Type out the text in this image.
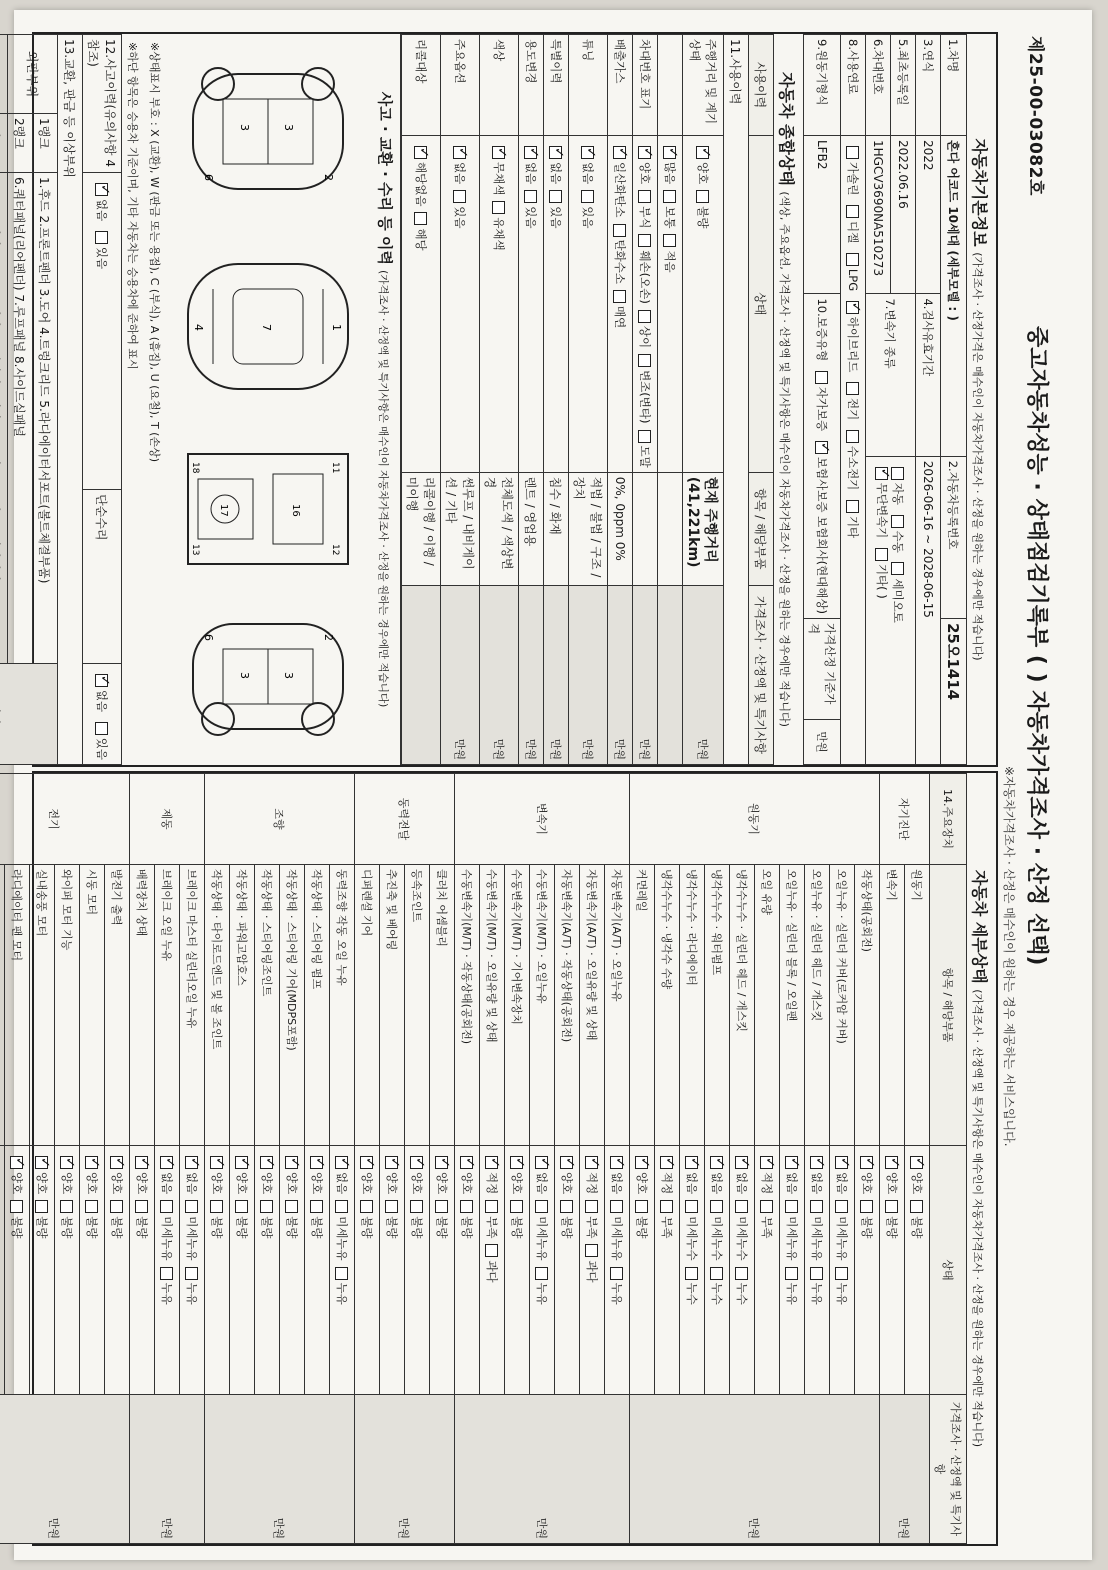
제25-00-03082호
중고자동차성능 · 상태점검기록부 ( ) 자동차가격조사 · 산정 선택)
※자동차가격조사 · 산정은 매수인이 원하는 경우 제공하는 서비스입니다.
자동차기본정보 (가격조사 · 산정가격은 매수인이 자동차가격조사 · 산정을 원하는 경우에만 적습니다)
1.차명	혼다 어코드 10세대 (세부모델 : )		2.자동차등록번호	25오1414	
3.연식	2022	4.검사유효기간	2026-06-16 ~ 2028-06-15		
5.최초등록일	2022.06.16	7.변속기 종류	자동 수동 세미오토
✓무단변속기 기타( )
6.차대번호	1HGCV3690NA510273				
8.사용연료	가솔린 디젤 LPG ✓하이브리드 전기 수소전기 기타
9.원동기형식	LFB2	10.보증유형 자가보증 ✓보험사보증 보험회사(현대해상)		가격산정 기준가격	만원
자동차 종합상태 (색상, 주요옵션, 가격조사 · 산정액 및 특기사항은 매수인이 자동차가격조사 · 산정을 원하는 경우에만 적습니다)
사용이력	상태	항목 / 해당부품	가격조사 · 산정액 및 특기사항
11.사용이력			
주행거리 및 계기상태	✓양호불량	현재 주행거리 (41,221km)	만원
	✓많음보통적음		
차대번호 표기	✓양호부식훼손(오손)상이변조(변타)도말		만원
배출가스	✓일산화탄소탄화수소매연	0%, 0ppm 0%	만원
튜닝	✓없음있음	적법 / 불법 / 구조 / 장치	만원
특별이력	✓없음있음	침수 / 화재	만원
용도변경	✓없음있음	렌트 / 영업용	만원
색상	✓무채색유채색	전체도색 / 색상변경	만원
주요옵션	✓없음있음	썬루프 / 내비게이션 / 기타	만원
리콜대상	✓해당없음해당	리콜이행 / 이행 / 미이행	
사고 · 교환 · 수리 등 이력 (가격조사 · 산정액 및 특기사항은 매수인이 자동차가격조사 · 산정을 원하는 경우에만 적습니다)
3
3
2
6
1
7
4
16
17
11
12
18
13
3
3
2
6
※상태표시 부호 : X (교환), W (판금 또는 용접), C (부식), A (흠집), U (요철), T (손상)
※하단 항목은 승용차 기준이며, 기타 자동차는 승용차에 준하여 표시
12.사고이력(유의사항 4 참조)	✓없음 있음	단순수리	✓없음 있음
13.교환, 판금 등 이상부위				
외판부위	1랭크	1.후드 2.프론트펜더 3.도어 4.트렁크리드 5.라디에이터서포트(볼트체결부품)	
	2랭크	6.쿼터패널(리어펜더) 7.루프패널 8.사이드실패널		

자동차 세부상태 (가격조사 · 산정액 및 특기사항은 매수인이 자동차가격조사 · 산정을 원하는 경우에만 적습니다)
14.주요장치	항목 / 해당부품	상태	가격조사 · 산정액 및 특기사항
자기진단	원동기	✓양호불량	만원
	변속기	✓양호불량
원동기	작동상태(공회전)	✓양호불량	만원
	오일누유 · 실린더 커버(로커암 커버)	✓없음미세누유누유
	오일누유 · 실린더 헤드 / 개스킷	✓없음미세누유누유
	오일누유 · 실린더 블록 / 오일팬	✓없음미세누유누유
	오일 유량	✓적정부족
	냉각수누수 · 실린더 헤드 / 개스킷	✓없음미세누수누수
	냉각수누수 · 워터펌프	✓없음미세누수누수
	냉각수누수 · 라디에이터	✓없음미세누수누수
	냉각수누수 · 냉각수 수량	✓적정부족
	커먼레일	✓양호불량
변속기	자동변속기(A/T) · 오일누유	✓없음미세누유누유	만원
	자동변속기(A/T) · 오일유량 및 상태	✓적정부족과다
	자동변속기(A/T) · 작동상태(공회전)	✓양호불량
	수동변속기(M/T) · 오일누유	✓없음미세누유누유
	수동변속기(M/T) · 기어변속장치	✓양호불량
	수동변속기(M/T) · 오일유량 및 상태	✓적정부족과다
	수동변속기(M/T) · 작동상태(공회전)	✓양호불량
동력전달	클러치 어셈블리	✓양호불량	만원
	등속조인트	✓양호불량
	추진축 및 베어링	✓양호불량
	디퍼렌셜 기어	✓양호불량
조향	동력조향 작동 오일 누유	✓없음미세누유누유	만원
	작동상태 · 스티어링 펌프	✓양호불량
	작동상태 · 스티어링 기어(MDPS포함)	✓양호불량
	작동상태 · 스티어링조인트	✓양호불량
	작동상태 · 파워고압호스	✓양호불량
	작동상태 · 타이로드엔드 및 볼 조인트	✓양호불량
제동	브레이크 마스터 실린더오일 누유	✓없음미세누유누유	만원
	브레이크 오일 누유	✓없음미세누유누유
	배력장치 상태	✓양호불량
전기	발전기 출력	✓양호불량	만원
	시동 모터	✓양호불량
	와이퍼 모터 기능	✓양호불량
	실내송풍 모터	✓양호불량
	라디에이터 팬 모터	✓양호불량
